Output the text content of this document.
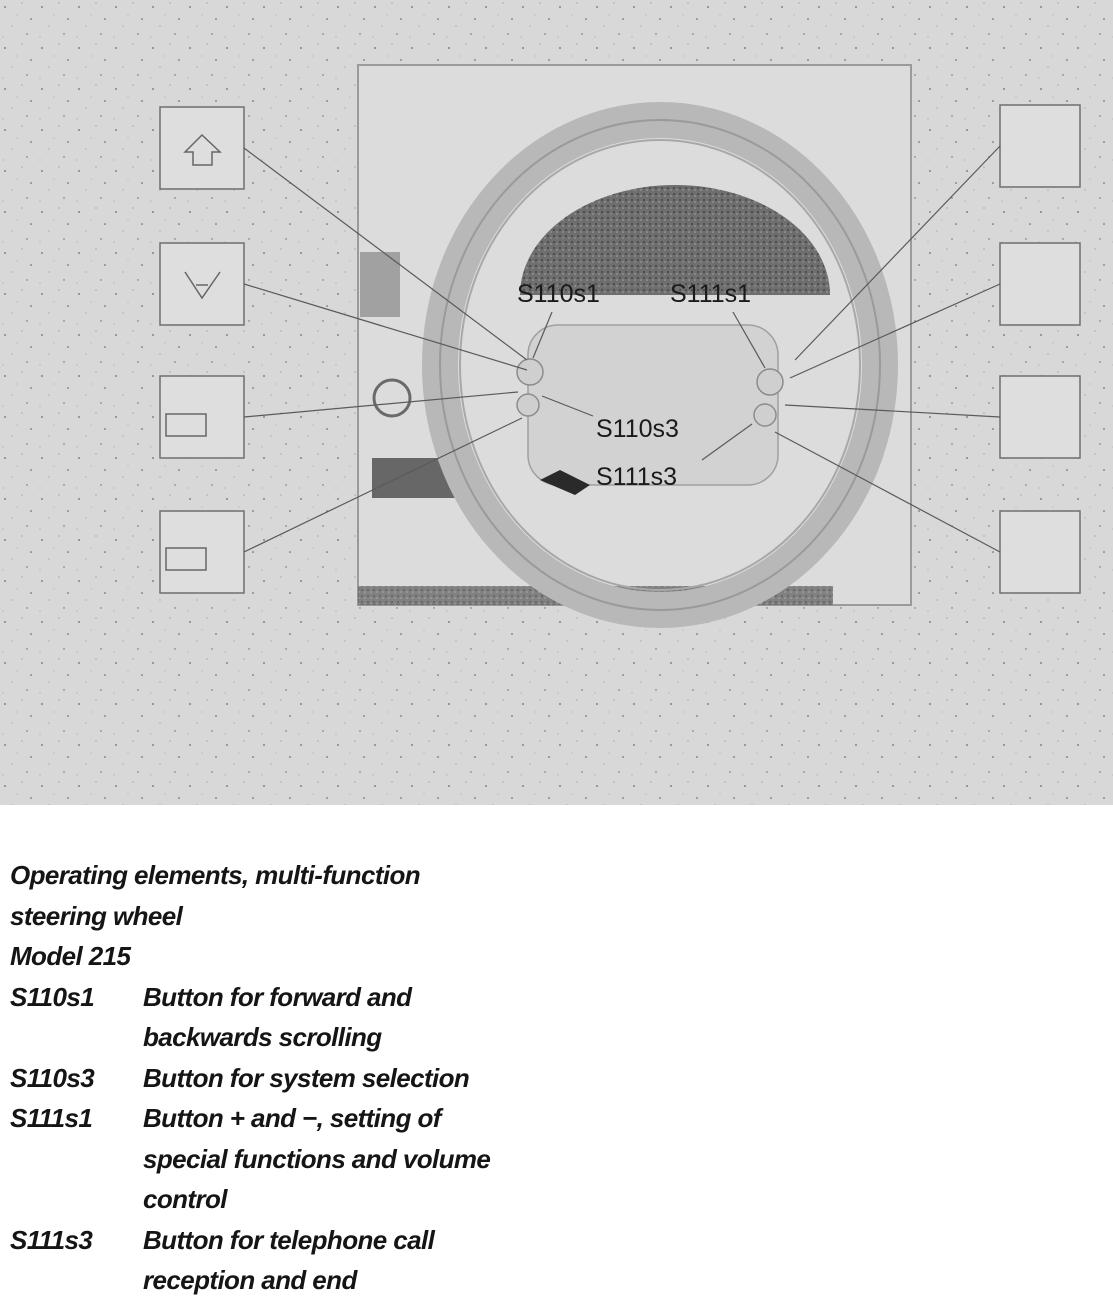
S110s1	S111s1
S110s3
S111s3
Operating elements, multi-function
steering wheel
Model 215
S110s1	Button for forward and
backwards scrolling
S110s3	Button for system selection
S111s1	Button + and −, setting of
special functions and volume
control
S111s3	Button for telephone call
reception and end
